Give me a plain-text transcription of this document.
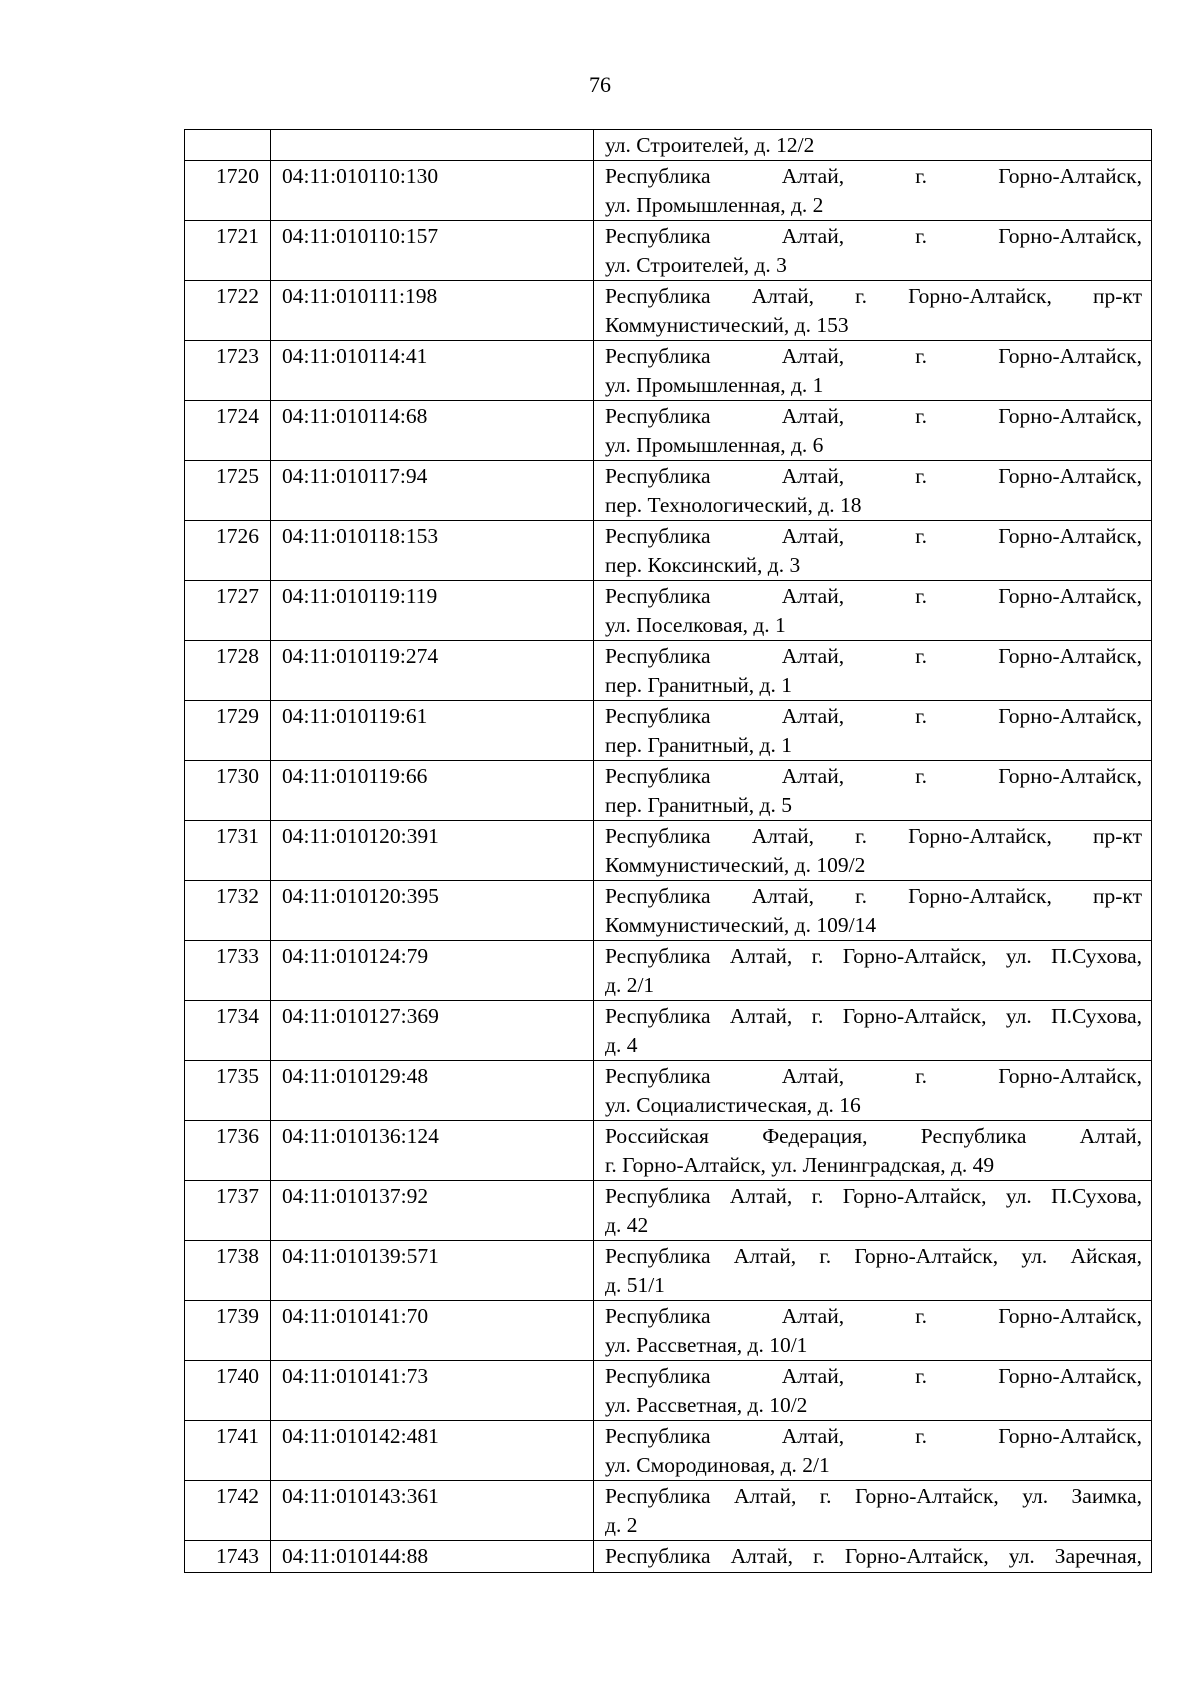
76

		ул. Строителей, д. 12/2

1720	04:11:010110:130	Республика Алтай, г. Горно-Алтайск,
ул. Промышленная, д. 2

1721	04:11:010110:157	Республика Алтай, г. Горно-Алтайск,
ул. Строителей, д. 3

1722	04:11:010111:198	Республика Алтай, г. Горно-Алтайск, пр-кт
Коммунистический, д. 153

1723	04:11:010114:41	Республика Алтай, г. Горно-Алтайск,
ул. Промышленная, д. 1

1724	04:11:010114:68	Республика Алтай, г. Горно-Алтайск,
ул. Промышленная, д. 6

1725	04:11:010117:94	Республика Алтай, г. Горно-Алтайск,
пер. Технологический, д. 18

1726	04:11:010118:153	Республика Алтай, г. Горно-Алтайск,
пер. Коксинский, д. 3

1727	04:11:010119:119	Республика Алтай, г. Горно-Алтайск,
ул. Поселковая, д. 1

1728	04:11:010119:274	Республика Алтай, г. Горно-Алтайск,
пер. Гранитный, д. 1

1729	04:11:010119:61	Республика Алтай, г. Горно-Алтайск,
пер. Гранитный, д. 1

1730	04:11:010119:66	Республика Алтай, г. Горно-Алтайск,
пер. Гранитный, д. 5

1731	04:11:010120:391	Республика Алтай, г. Горно-Алтайск, пр-кт
Коммунистический, д. 109/2

1732	04:11:010120:395	Республика Алтай, г. Горно-Алтайск, пр-кт
Коммунистический, д. 109/14

1733	04:11:010124:79	Республика Алтай, г. Горно-Алтайск, ул. П.Сухова,
д. 2/1

1734	04:11:010127:369	Республика Алтай, г. Горно-Алтайск, ул. П.Сухова,
д. 4

1735	04:11:010129:48	Республика Алтай, г. Горно-Алтайск,
ул. Социалистическая, д. 16

1736	04:11:010136:124	Российская Федерация, Республика Алтай,
г. Горно-Алтайск, ул. Ленинградская, д. 49

1737	04:11:010137:92	Республика Алтай, г. Горно-Алтайск, ул. П.Сухова,
д. 42

1738	04:11:010139:571	Республика Алтай, г. Горно-Алтайск, ул. Айская,
д. 51/1

1739	04:11:010141:70	Республика Алтай, г. Горно-Алтайск,
ул. Рассветная, д. 10/1

1740	04:11:010141:73	Республика Алтай, г. Горно-Алтайск,
ул. Рассветная, д. 10/2

1741	04:11:010142:481	Республика Алтай, г. Горно-Алтайск,
ул. Смородиновая, д. 2/1

1742	04:11:010143:361	Республика Алтай, г. Горно-Алтайск, ул. Заимка,
д. 2

1743	04:11:010144:88	Республика Алтай, г. Горно-Алтайск, ул. Заречная,
